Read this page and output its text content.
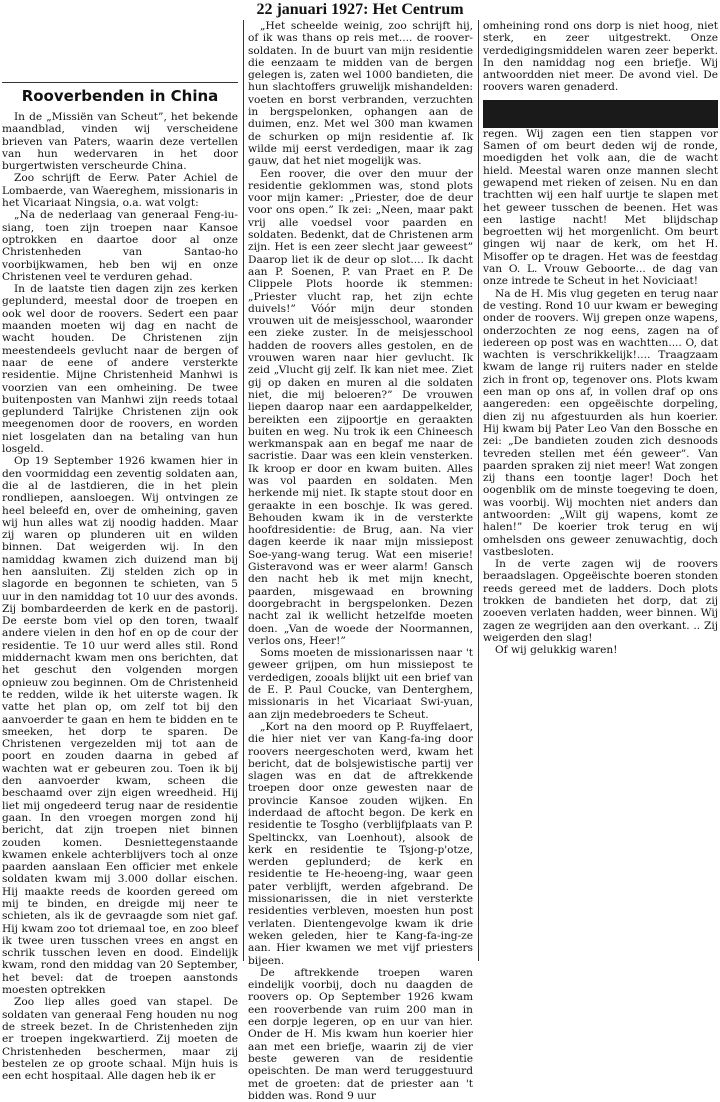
22 januari 1927: Het Centrum
Rooverbenden in China

In de „Missiën van Scheut”, het bekende maandblad, vinden wij verscheidene brieven van Paters, waarin deze vertellen van hun wedervaren in het door burgertwisten verscheurde China.

Zoo schrijft de Eerw. Pater Achiel de Lombaerde, van Waereghem, missionaris in het Vicariaat Ningsia, o.a. wat volgt:

„Na de nederlaag van generaal Feng-iu-siang, toen zijn troepen naar Kansoe optrokken en daartoe door al onze Christenheden van Santao-ho voorbijkwamen, heb ben wij en onze Christenen veel te verduren gehad.

In de laatste tien dagen zijn zes kerken geplunderd, meestal door de troepen en ook wel door de roovers. Sedert een paar maanden moeten wij dag en nacht de wacht houden. De Christenen zijn meestendeels gevlucht naar de bergen of naar de eene of andere versterkte residentie. Mijne Christenheid Manhwi is voorzien van een omheining. De twee buitenposten van Manhwi zijn reeds totaal geplunderd Talrijke Christenen zijn ook meegenomen door de roovers, en worden niet losgelaten dan na betaling van hun losgeld.

Op 19 September 1926 kwamen hier in den voormiddag een zeventig soldaten aan, die al de lastdieren, die in het plein rondliepen, aansloegen. Wij ontvingen ze heel beleefd en, over de omheining, gaven wij hun alles wat zij noodig hadden. Maar zij waren op plunderen uit en wilden binnen. Dat weigerden wij. In den namiddag kwamen zich duizend man bij hen aansluiten. Zij stelden zich op in slagorde en begonnen te schieten, van 5 uur in den namiddag tot 10 uur des avonds. Zij bombardeerden de kerk en de pastorij. De eerste bom viel op den toren, twaalf andere vielen in den hof en op de cour der residentie. Te 10 uur werd alles stil. Rond middernacht kwam men ons berichten, dat het geschut den volgenden morgen opnieuw zou beginnen. Om de Christenheid te redden, wilde ik het uiterste wagen. Ik vatte het plan op, om zelf tot bij den aanvoerder te gaan en hem te bidden en te smeeken, het dorp te sparen. De Christenen vergezelden mij tot aan de poort en zouden daarna in gebed af wachten wat er gebeuren zou. Toen ik bij den aanvoerder kwam, scheen die beschaamd over zijn eigen wreedheid. Hij liet mij ongedeerd terug naar de residentie gaan. In den vroegen morgen zond hij bericht, dat zijn troepen niet binnen zouden komen. Desniettegenstaande kwamen enkele achterblijvers toch al onze paarden aanslaan Een officier met enkele soldaten kwam mij 3.000 dollar eischen. Hij maakte reeds de koorden gereed om mij te binden, en dreigde mij neer te schieten, als ik de gevraagde som niet gaf. Hij kwam zoo tot driemaal toe, en zoo bleef ik twee uren tusschen vrees en angst en schrik tusschen leven en dood. Eindelijk kwam, rond den middag van 20 September, het bevel: dat de troepen aanstonds moesten optrekken

Zoo liep alles goed van stapel. De soldaten van generaal Feng houden nu nog de streek bezet. In de Christenheden zijn er troepen ingekwartierd. Zij moeten de Christenheden beschermen, maar zij bestelen ze op groote schaal. Mijn huis is een echt hospitaal. Alle dagen heb ik er

„Het scheelde weinig, zoo schrijft hij, of ik was thans op reis met.... de roover-soldaten. In de buurt van mijn residentie die eenzaam te midden van de bergen gelegen is, zaten wel 1000 bandieten, die hun slachtoffers gruwelijk mishandelden: voeten en borst verbranden, verzuchten in bergspelonken, ophangen aan de duimen, enz. Met wel 300 man kwamen de schurken op mijn residentie af. Ik wilde mij eerst verdedigen, maar ik zag gauw, dat het niet mogelijk was.

Een roover, die over den muur der residentie geklommen was, stond plots voor mijn kamer: „Priester, doe de deur voor ons open.” Ik zei: „Neen, maar pakt vrij alle voedsel voor paarden en soldaten. Bedenkt, dat de Christenen arm zijn. Het is een zeer slecht jaar geweest” Daarop liet ik de deur op slot.... Ik dacht aan P. Soenen, P. van Praet en P. De Clippele Plots hoorde ik stemmen: „Priester vlucht rap, het zijn echte duivels!” Vóór mijn deur stonden vrouwen uit de meisjesschool, waaronder een zieke zuster. In de meisjesschool hadden de roovers alles gestolen, en de vrouwen waren naar hier gevlucht. Ik zeid „Vlucht gij zelf. Ik kan niet mee. Ziet gij op daken en muren al die soldaten niet, die mij beloeren?” De vrouwen liepen daarop naar een aardappelkelder, bereikten een zijpoortje en geraakten buiten en weg. Nu trok ik een Chineesch werkmanspak aan en begaf me naar de sacristie. Daar was een klein vensterken. Ik kroop er door en kwam buiten. Alles was vol paarden en soldaten. Men herkende mij niet. Ik stapte stout door en geraakte in een boschje. Ik was gered. Behouden kwam ik in de versterkte hoofdresidentie: de Brug, aan. Na vier dagen keerde ik naar mijn missiepost Soe-yang-wang terug. Wat een miserie! Gisteravond was er weer alarm! Gansch den nacht heb ik met mijn knecht, paarden, misgewaad en browning doorgebracht in bergspelonken. Dezen nacht zal ik wellicht hetzelfde moeten doen. „Van de woede der Noormannen, verlos ons, Heer!”

Soms moeten de missionarissen naar 't geweer grijpen, om hun missiepost te verdedigen, zooals blijkt uit een brief van de E. P. Paul Coucke, van Denterghem, missionaris in het Vicariaat Swi-yuan, aan zijn medebroeders te Scheut.

„Kort na den moord op P. Ruyffelaert, die hier niet ver van Kang-fa-ing door roovers neergeschoten werd, kwam het bericht, dat de bolsjewistische partij ver slagen was en dat de aftrekkende troepen door onze gewesten naar de provincie Kansoe zouden wijken. En inderdaad de aftocht begon. De kerk en residentie te Tosgho (verblijfplaats van P. Speltinckx, van Loenhout), alsook de kerk en residentie te Tsjong-p'otze, werden geplunderd; de kerk en residentie te He-heoeng-ing, waar geen pater verblijft, werden afgebrand. De missionarissen, die in niet versterkte residenties verbleven, moesten hun post verlaten. Dientengevolge kwam ik drie weken geleden, hier te Kang-fa-ing-ze aan. Hier kwamen we met vijf priesters bijeen.

De aftrekkende troepen waren eindelijk voorbij, doch nu daagden de roovers op. Op September 1926 kwam een rooverbende van ruim 200 man in een dorpje legeren, op en uur van hier. Onder de H. Mis kwam hun koerier hier aan met een briefje, waarin zij de vier beste geweren van de residentie opeischten. De man werd teruggestuurd met de groeten: dat de priester aan 't bidden was. Rond 9 uur

omheining rond ons dorp is niet hoog, niet sterk, en zeer uitgestrekt. Onze verdedigingsmiddelen waren zeer beperkt. In den namiddag nog een briefje. Wij antwoordden niet meer. De avond viel. De roovers waren genaderd.

ten twee uur. Het was koud, toen mijn toewijding wind. Nu en dan een vlaagje

regen. Wij zagen een tien stappen vor Samen of om beurt deden wij de ronde, moedigden het volk aan, die de wacht hield. Meestal waren onze mannen slecht gewapend met rieken of zeisen. Nu en dan trachtten wij een half uurtje te slapen met het geweer tusschen de beenen. Het was een lastige nacht! Met blijdschap begroetten wij het morgenlicht. Om beurt gingen wij naar de kerk, om het H. Misoffer op te dragen. Het was de feestdag van O. L. Vrouw Geboorte... de dag van onze intrede te Scheut in het Noviciaat!

Na de H. Mis vlug gegeten en terug naar de vesting. Rond 10 uur kwam er beweging onder de roovers. Wij grepen onze wapens, onderzochten ze nog eens, zagen na of iedereen op post was en wachtten.... O, dat wachten is verschrikkelijk!.... Traagzaam kwam de lange rij ruiters nader en stelde zich in front op, tegenover ons. Plots kwam een man op ons af, in vollen draf op ons aangereden: een opgeëischte dorpeling, dien zij nu afgestuurden als hun koerier. Hij kwam bij Pater Leo Van den Bossche en zei: „De bandieten zouden zich desnoods tevreden stellen met één geweer”. Van paarden spraken zij niet meer! Wat zongen zij thans een toontje lager! Doch het oogenblik om de minste toegeving te doen, was voorbij. Wij mochten niet anders dan antwoorden: „Wilt gij wapens, komt ze halen!” De koerier trok terug en wij omhelsden ons geweer zenuwachtig, doch vastbesloten.

In de verte zagen wij de roovers beraadslagen. Opgeëischte boeren stonden reeds gereed met de ladders. Doch plots trokken de bandieten het dorp, dat zij zooeven verlaten hadden, weer binnen. Wij zagen ze wegrijden aan den overkant. .. Zij weigerden den slag!

Of wij gelukkig waren!
